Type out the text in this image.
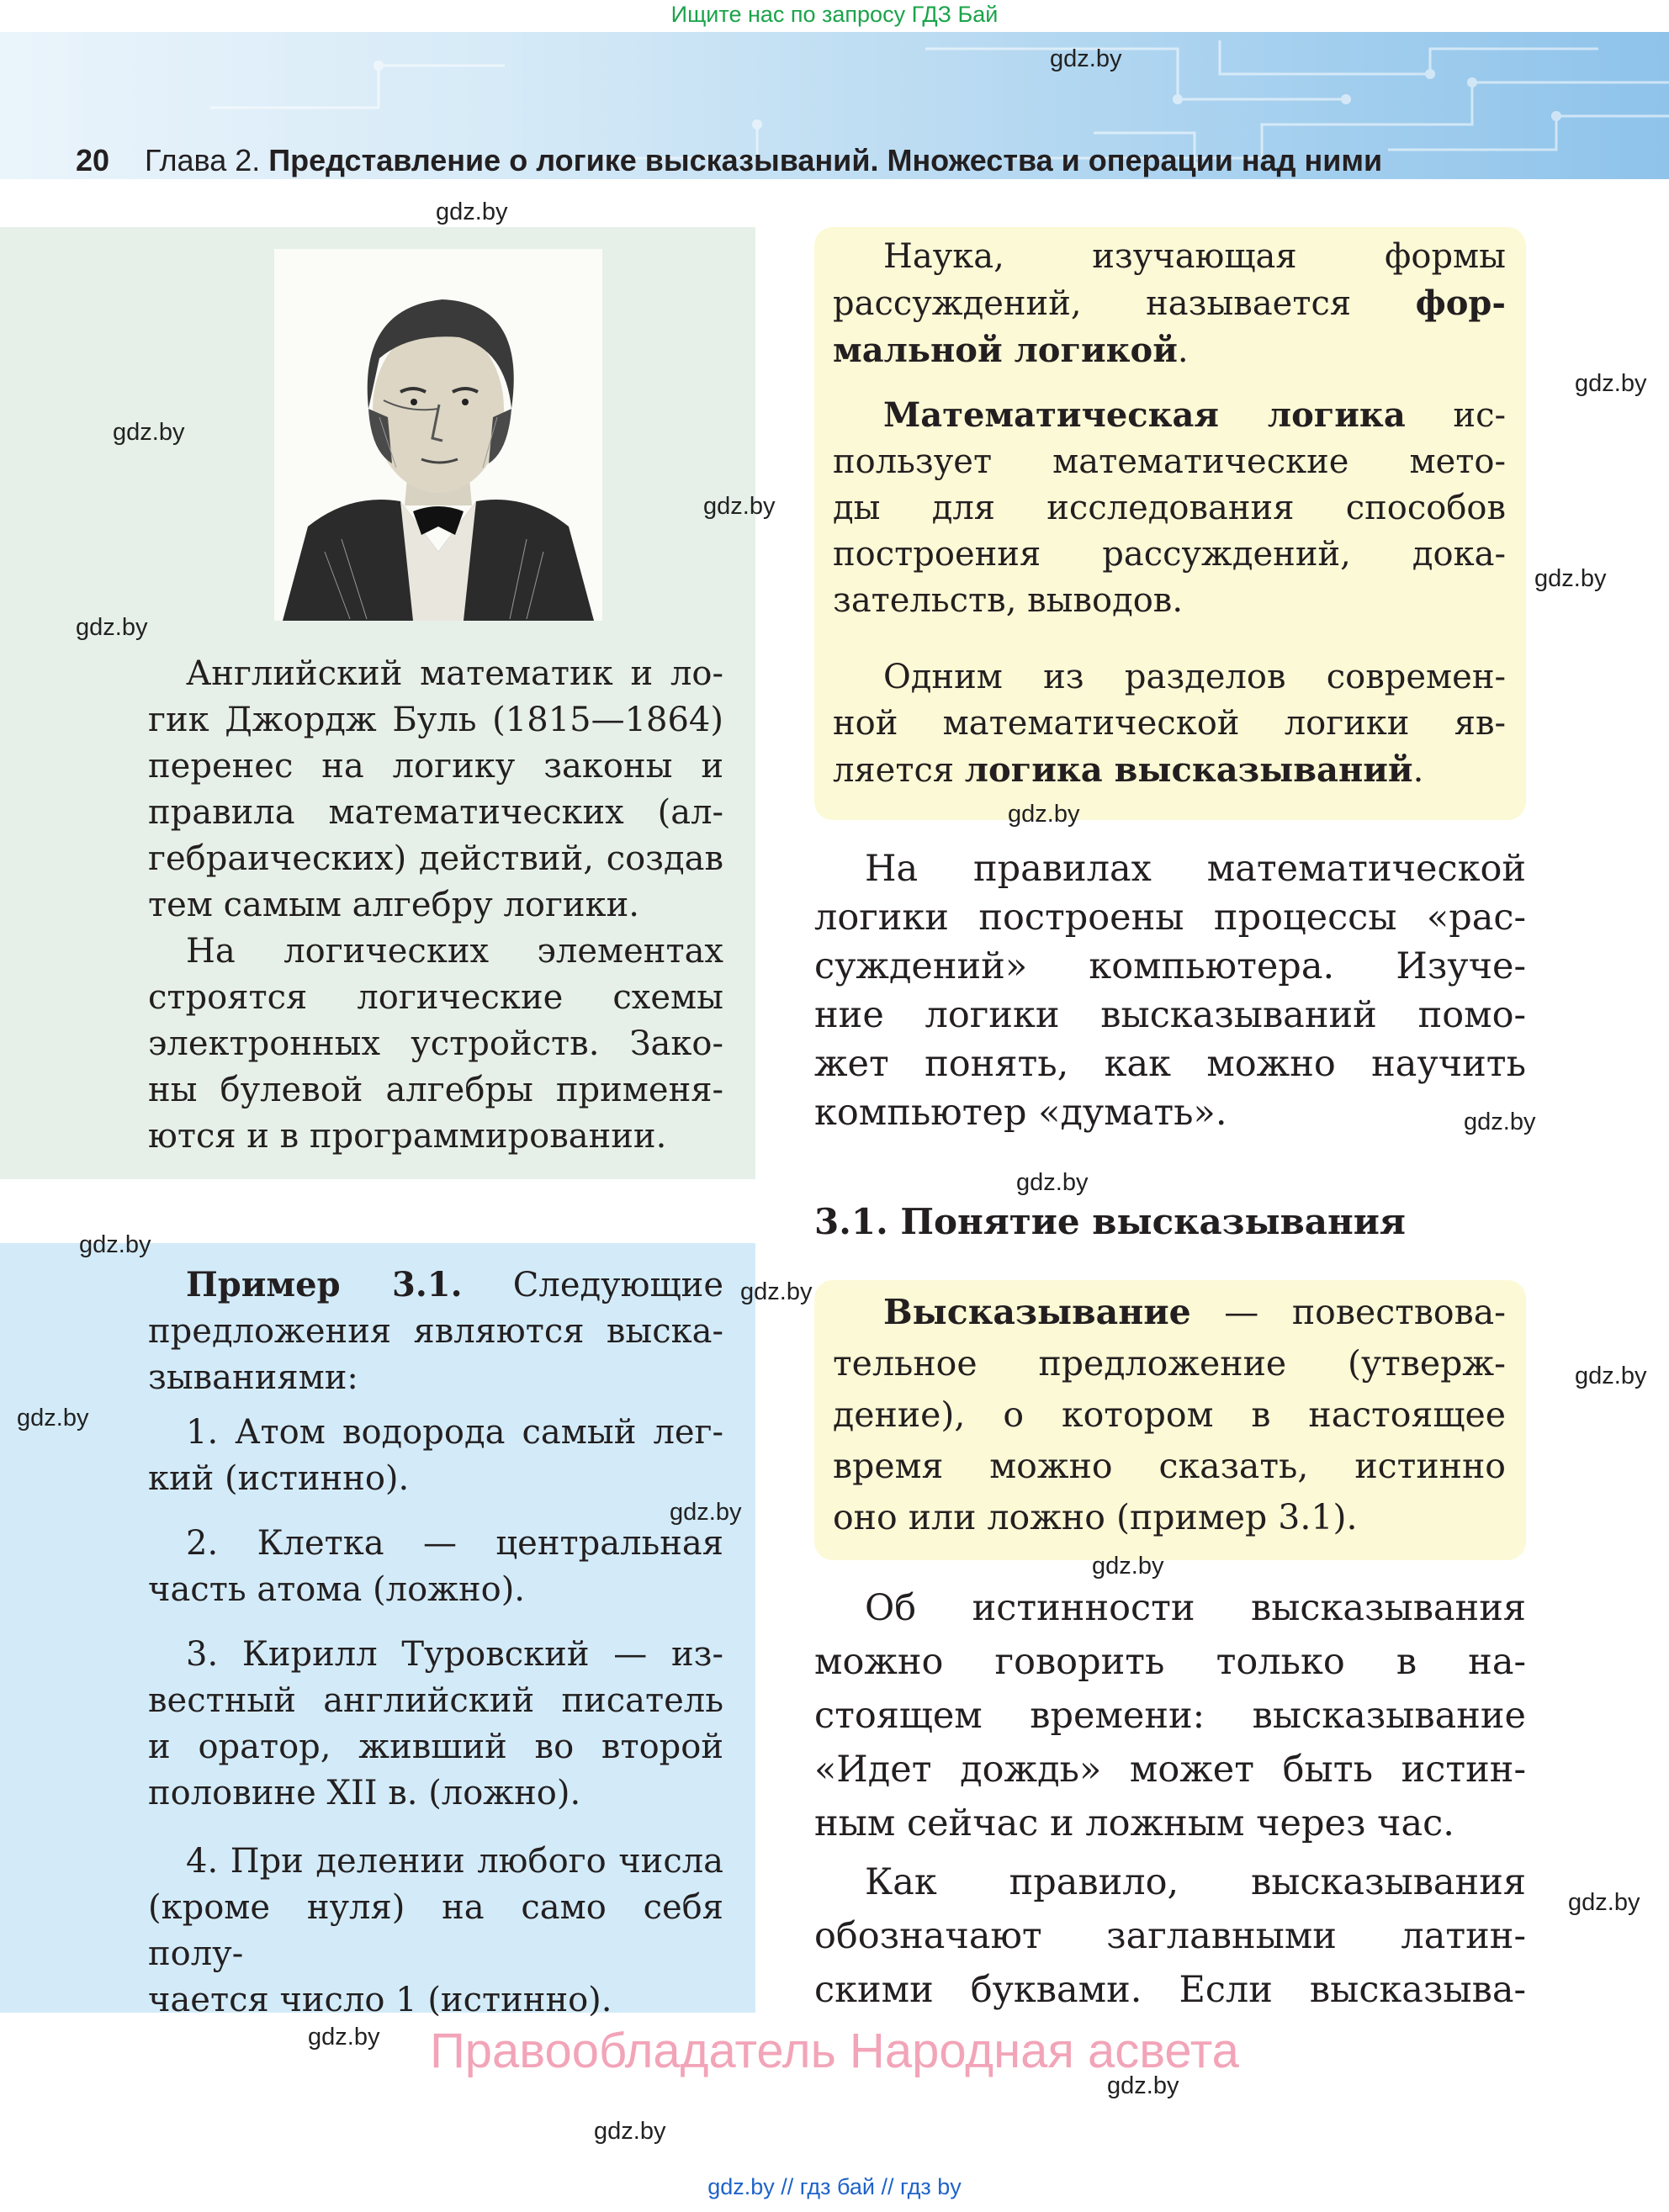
Ищите нас по запросу ГДЗ Бай
gdz.by
20 Глава 2. Представление о логике высказываний. Множества и операции над ними
Английский математик и ло-
гик Джордж Буль (1815—1864)
перенес на логику законы и
правила математических (ал-
гебраических) действий, создав
тем самым алгебру логики.
На логических элементах
строятся логические схемы
электронных устройств. Зако-
ны булевой алгебры применя-
ются и в программировании.
Пример 3.1. Следующие
предложения являются выска-
зываниями:
1. Атом водорода самый лег-
кий (истинно).
2. Клетка — центральная
часть атома (ложно).
3. Кирилл Туровский — из-
вестный английский писатель
и оратор, живший во второй
половине XII в. (ложно).
4. При делении любого числа
(кроме нуля) на само себя полу-
чается число 1 (истинно).
Наука, изучающая формы
рассуждений, называется фор-
мальной логикой.
Математическая логика ис-
пользует математические мето-
ды для исследования способов
построения рассуждений, дока-
зательств, выводов.
Одним из разделов современ-
ной математической логики яв-
ляется логика высказываний.
На правилах математической
логики построены процессы «рас-
суждений» компьютера. Изуче-
ние логики высказываний помо-
жет понять, как можно научить
компьютер «думать».
3.1. Понятие высказывания
Высказывание — повествова-
тельное предложение (утверж-
дение), о котором в настоящее
время можно сказать, истинно
оно или ложно (пример 3.1).
Об истинности высказывания
можно говорить только в на-
стоящем времени: высказывание
«Идет дождь» может быть истин-
ным сейчас и ложным через час.
Как правило, высказывания
обозначают заглавными латин-
скими буквами. Если высказыва-
gdz.by
gdz.by
gdz.by
gdz.by
gdz.by
gdz.by
gdz.by
gdz.by
gdz.by
gdz.by
gdz.by
gdz.by
gdz.by
gdz.by
gdz.by
gdz.by
gdz.by
gdz.by
gdz.by
Правообладатель Народная асвета
gdz.by // гдз бай // гдз by
